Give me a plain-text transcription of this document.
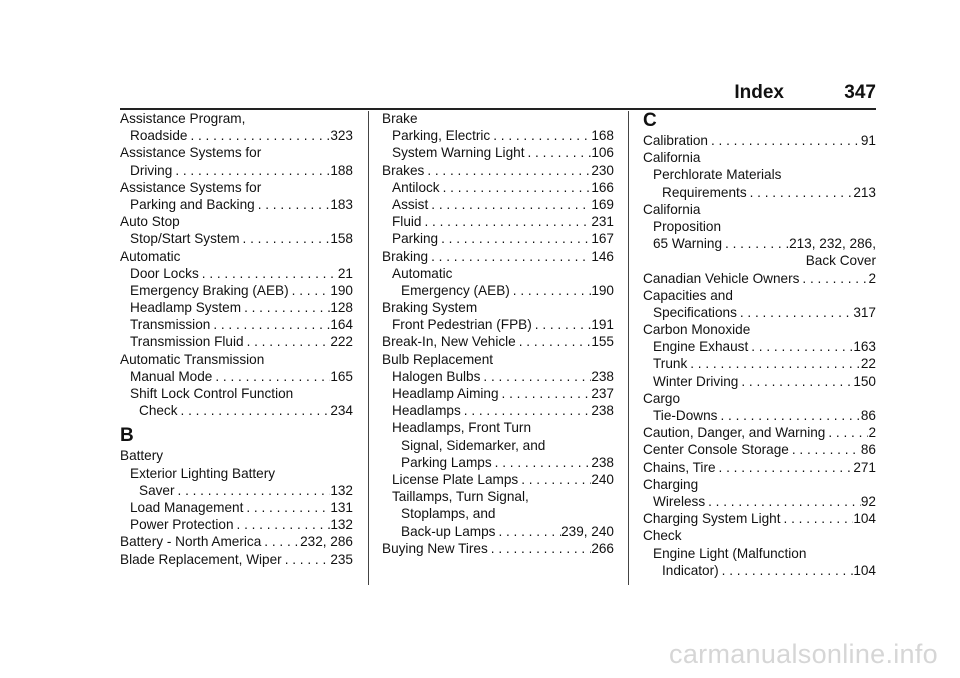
Index	347
Assistance Program,
Roadside . . .	323
Assistance Systems for
Driving . . .	188
Assistance Systems for
Parking and Backing . . .	183
Auto Stop
Stop/Start System . . .	158
Automatic
Door Locks . . .	21
Emergency Braking (AEB) . . .	190
Headlamp System . . .	128
Transmission . . .	164
Transmission Fluid . . .	222
Automatic Transmission
Manual Mode . . .	165
Shift Lock Control Function
Check . . .	234
B
Battery
Exterior Lighting Battery
Saver . . .	132
Load Management . . .	131
Power Protection . . .	132
Battery - North America . . .	232, 286
Blade Replacement, Wiper . . .	235
Brake
Parking, Electric . . .	168
System Warning Light . . .	106
Brakes . . .	230
Antilock . . .	166
Assist . . .	169
Fluid . . .	231
Parking . . .	167
Braking . . .	146
Automatic
Emergency (AEB) . . .	190
Braking System
Front Pedestrian (FPB) . . .	191
Break-In, New Vehicle . . .	155
Bulb Replacement
Halogen Bulbs . . .	238
Headlamp Aiming . . .	237
Headlamps . . .	238
Headlamps, Front Turn
Signal, Sidemarker, and
Parking Lamps . . .	238
License Plate Lamps . . .	240
Taillamps, Turn Signal,
Stoplamps, and
Back-up Lamps . . .	239, 240
Buying New Tires . . .	266
C
Calibration . . .	91
California
Perchlorate Materials
Requirements . . .	213
California
Proposition
65 Warning . . .	213, 232, 286,
Back Cover
Canadian Vehicle Owners . . .	2
Capacities and
Specifications . . .	317
Carbon Monoxide
Engine Exhaust . . .	163
Trunk . . .	22
Winter Driving . . .	150
Cargo
Tie-Downs . . .	86
Caution, Danger, and Warning . . .	2
Center Console Storage . . .	86
Chains, Tire . . .	271
Charging
Wireless . . .	92
Charging System Light . . .	104
Check
Engine Light (Malfunction
Indicator) . . .	104
carmanualsonline.info
